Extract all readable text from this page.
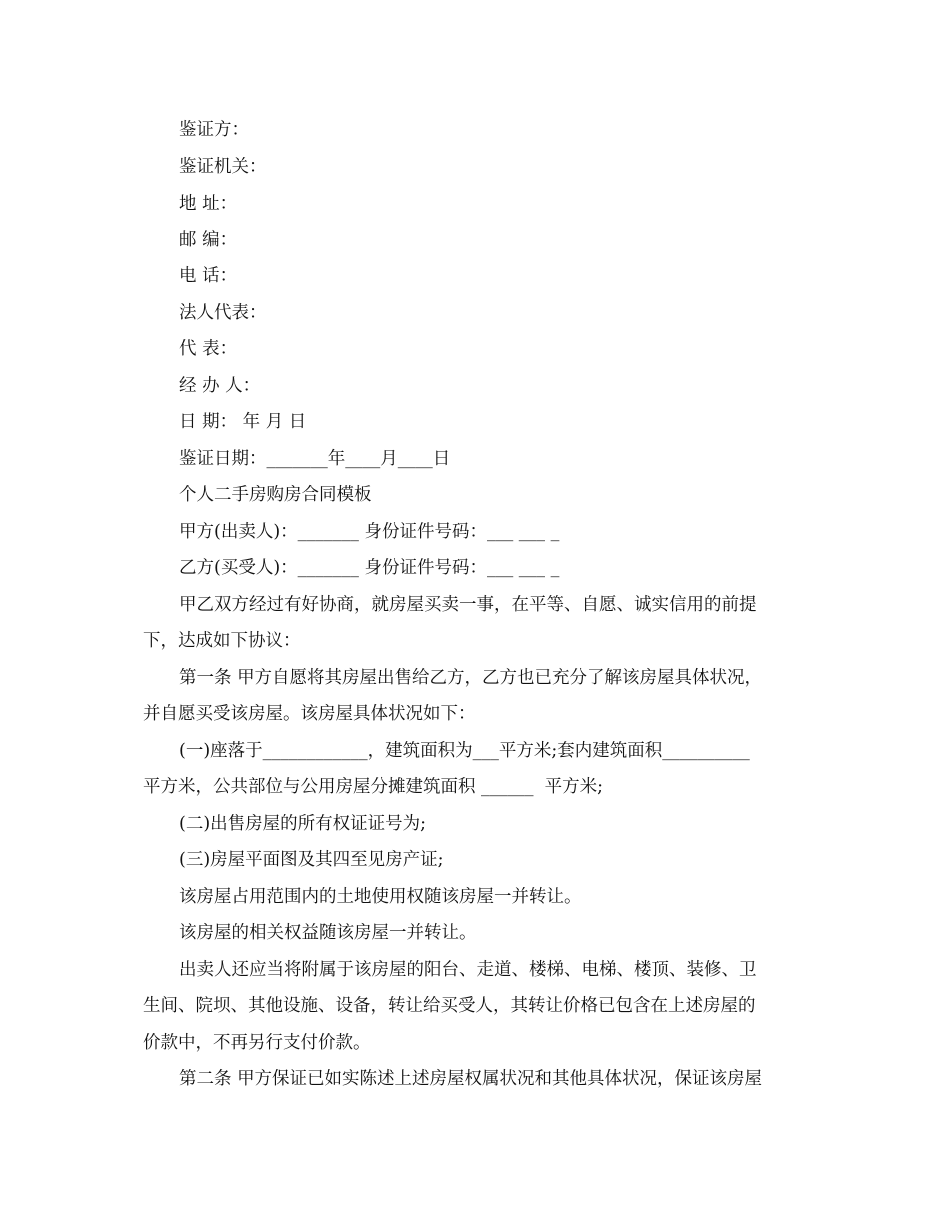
鉴证方：
鉴证机关：
地 址：
邮 编：
电 话：
法人代表：
代 表：
经 办 人：
日 期： 年 月 日
鉴证日期：_______年____月____日
个人二手房购房合同模板
甲方(出卖人)：_______ 身份证件号码：___ ___ _
乙方(买受人)：_______ 身份证件号码：___ ___ _
甲乙双方经过有好协商，就房屋买卖一事，在平等、自愿、诚实信用的前提
下，达成如下协议：
第一条 甲方自愿将其房屋出售给乙方，乙方也已充分了解该房屋具体状况，
并自愿买受该房屋。该房屋具体状况如下：
(一)座落于____________，建筑面积为___平方米;套内建筑面积__________
平方米，公共部位与公用房屋分摊建筑面积 ______  平方米;
(二)出售房屋的所有权证证号为;
(三)房屋平面图及其四至见房产证;
该房屋占用范围内的土地使用权随该房屋一并转让。
该房屋的相关权益随该房屋一并转让。
出卖人还应当将附属于该房屋的阳台、走道、楼梯、电梯、楼顶、装修、卫
生间、院坝、其他设施、设备，转让给买受人，其转让价格已包含在上述房屋的
价款中，不再另行支付价款。
第二条 甲方保证已如实陈述上述房屋权属状况和其他具体状况，保证该房屋
